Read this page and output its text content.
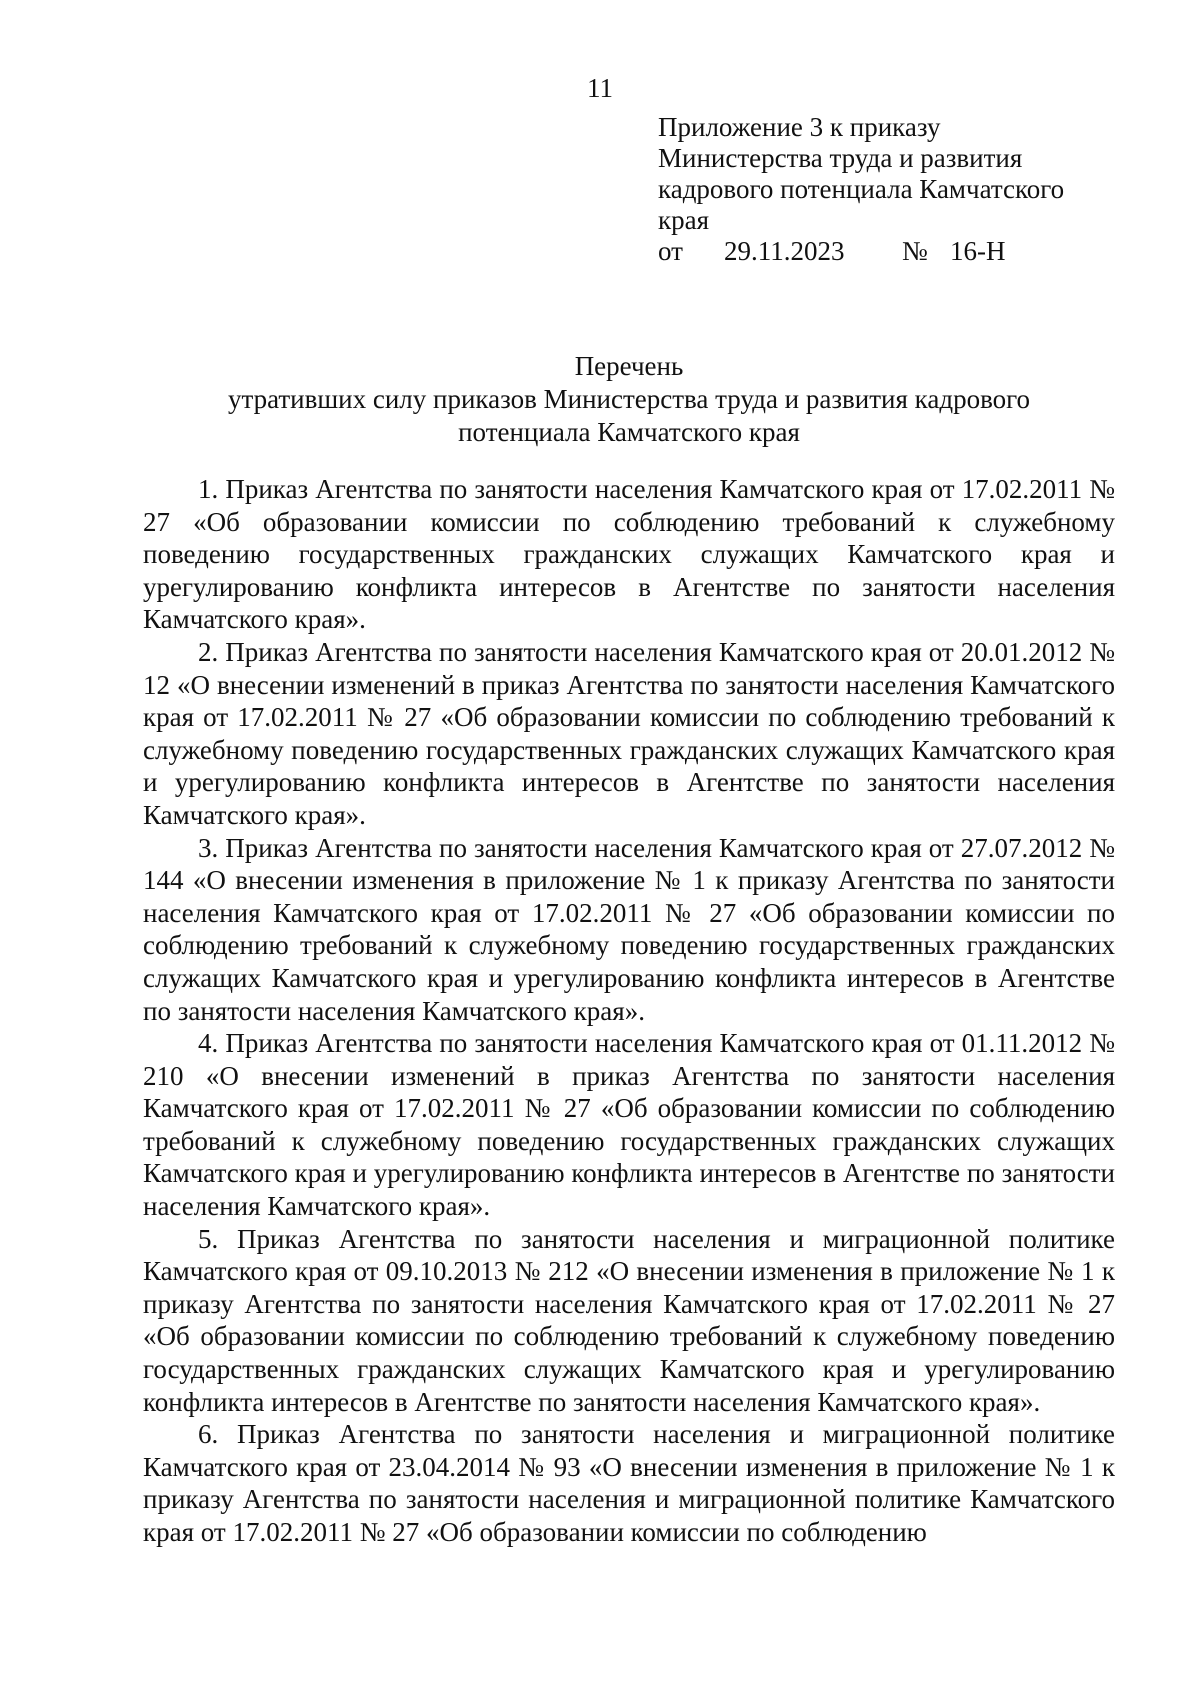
11
Приложение 3 к приказу
Министерства труда и развития
кадрового потенциала Камчатского
края
от	29.11.2023	№ 16-Н
Перечень
утративших силу приказов Министерства труда и развития кадрового
потенциала Камчатского края

1. Приказ Агентства по занятости населения Камчатского края от 17.02.2011 № 27 «Об образовании комиссии по соблюдению требований к служебному поведению государственных гражданских служащих Камчатского края и урегулированию конфликта интересов в Агентстве по занятости населения Камчатского края».

2. Приказ Агентства по занятости населения Камчатского края от 20.01.2012 № 12 «О внесении изменений в приказ Агентства по занятости населения Камчатского края от 17.02.2011 № 27 «Об образовании комиссии по соблюдению требований к служебному поведению государственных гражданских служащих Камчатского края и урегулированию конфликта интересов в Агентстве по занятости населения Камчатского края».

3. Приказ Агентства по занятости населения Камчатского края от 27.07.2012 № 144 «О внесении изменения в приложение № 1 к приказу Агентства по занятости населения Камчатского края от 17.02.2011 № 27 «Об образовании комиссии по соблюдению требований к служебному поведению государственных гражданских служащих Камчатского края и урегулированию конфликта интересов в Агентстве по занятости населения Камчатского края».

4. Приказ Агентства по занятости населения Камчатского края от 01.11.2012 № 210 «О внесении изменений в приказ Агентства по занятости населения Камчатского края от 17.02.2011 № 27 «Об образовании комиссии по соблюдению требований к служебному поведению государственных гражданских служащих Камчатского края и урегулированию конфликта интересов в Агентстве по занятости населения Камчатского края».

5. Приказ Агентства по занятости населения и миграционной политике Камчатского края от 09.10.2013 № 212 «О внесении изменения в приложение № 1 к приказу Агентства по занятости населения Камчатского края от 17.02.2011 № 27 «Об образовании комиссии по соблюдению требований к служебному поведению государственных гражданских служащих Камчатского края и урегулированию конфликта интересов в Агентстве по занятости населения Камчатского края».

6. Приказ Агентства по занятости населения и миграционной политике Камчатского края от 23.04.2014 № 93 «О внесении изменения в приложение № 1 к приказу Агентства по занятости населения и миграционной политике Камчатского края от 17.02.2011 № 27 «Об образовании комиссии по соблюдению
